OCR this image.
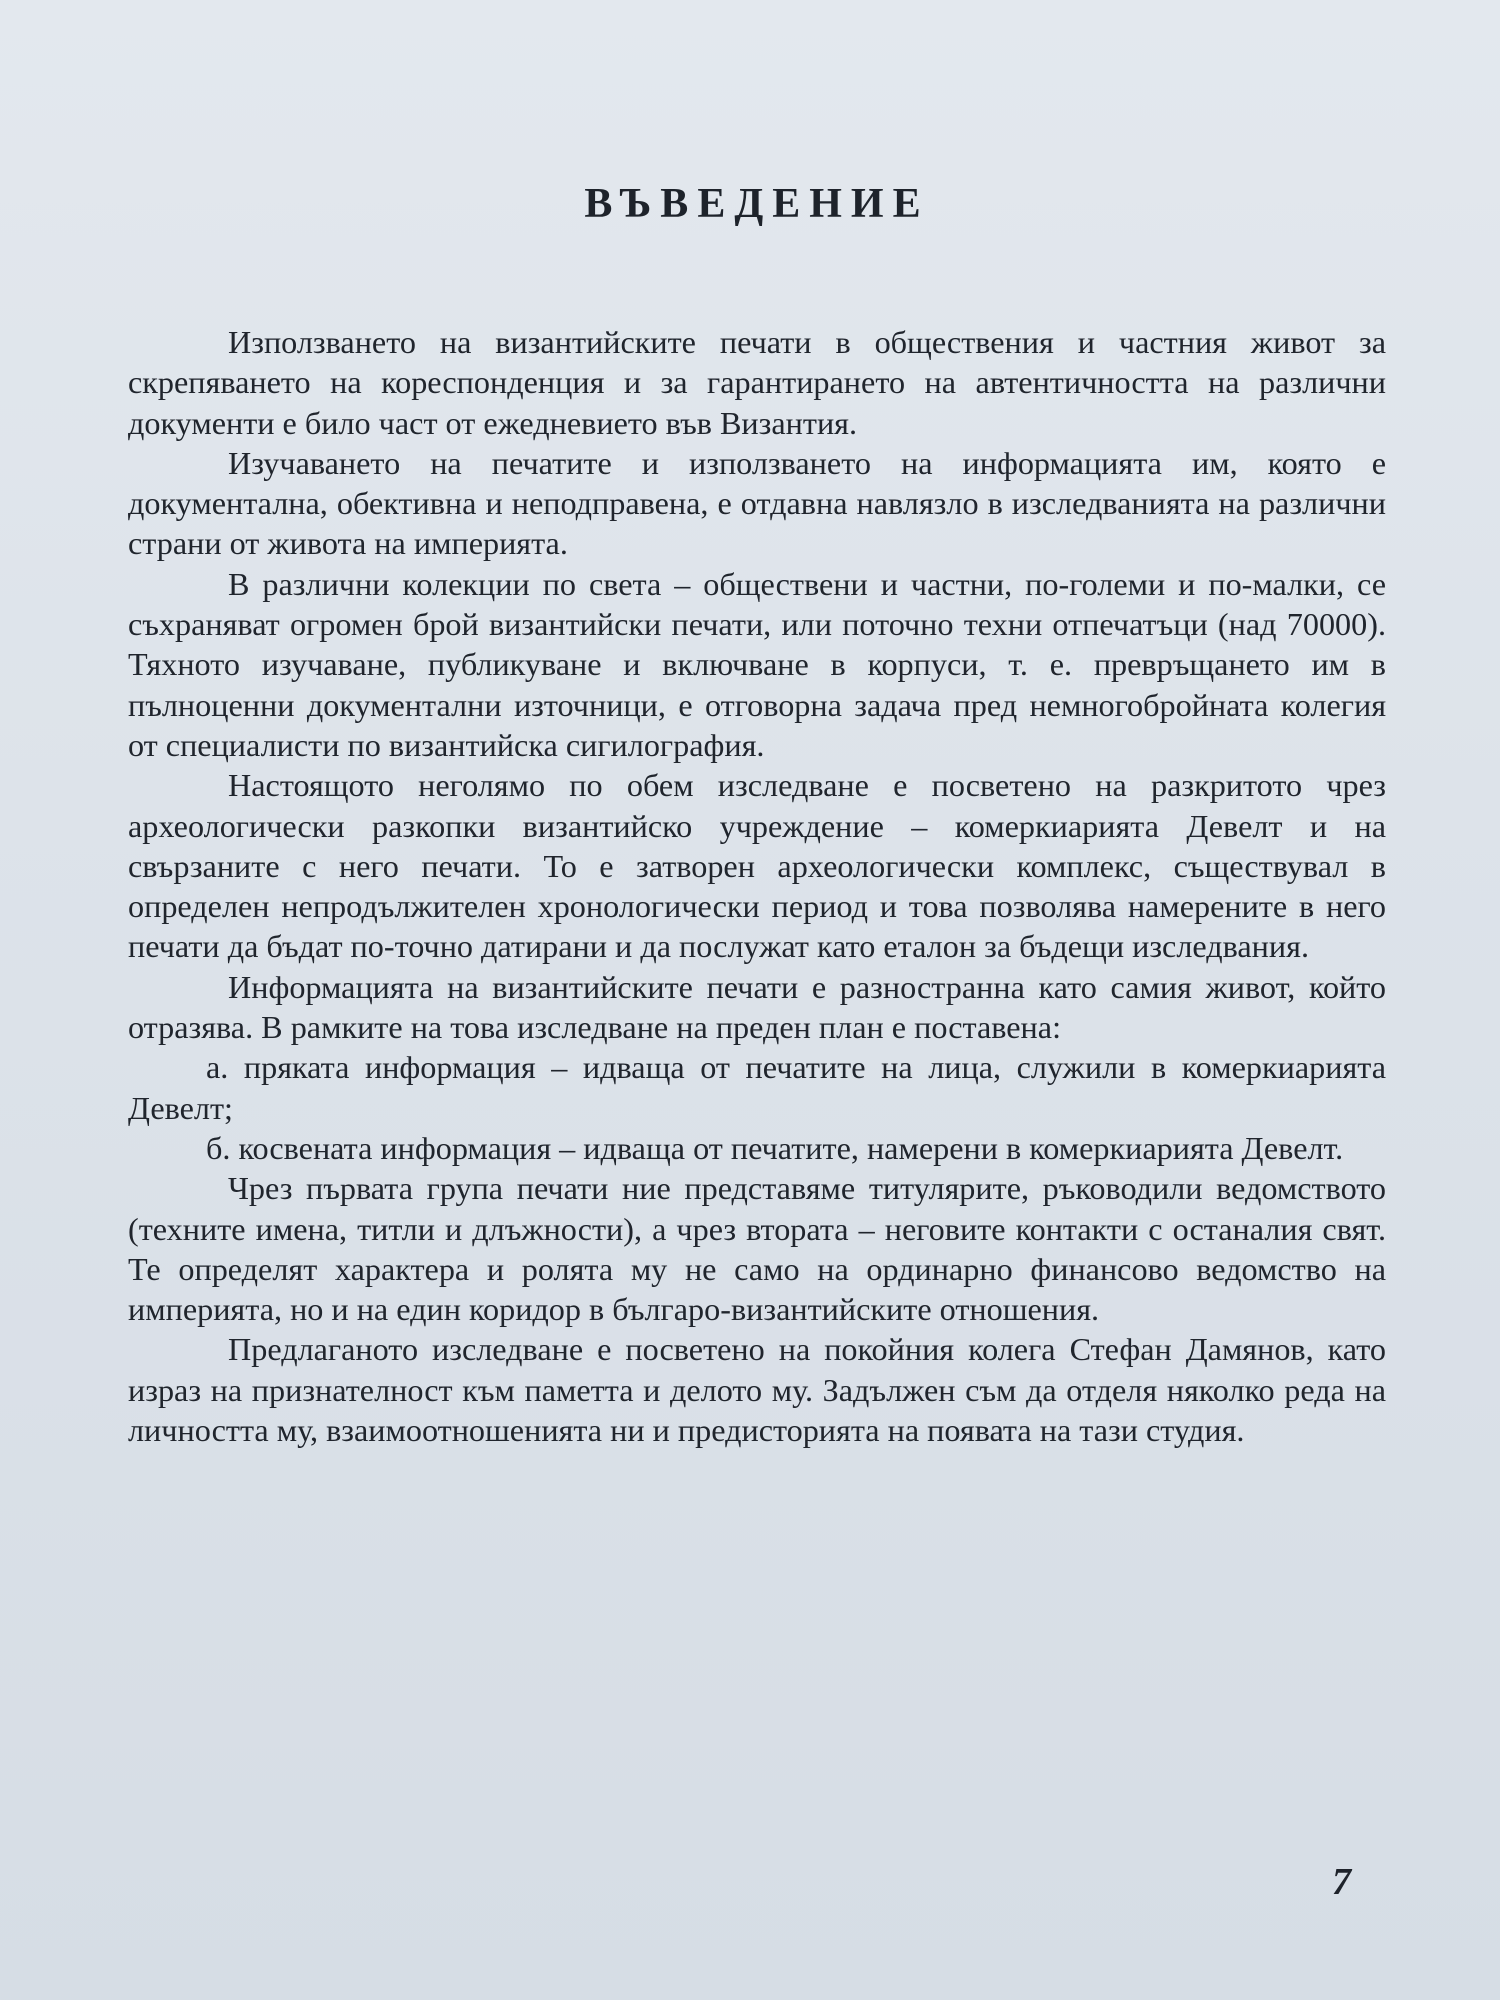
ВЪВЕДЕНИЕ

Използването на византийските печати в обществения и частния живот за скрепяването на кореспонденция и за гарантирането на автентичността на различни документи е било част от ежедневието във Византия.

Изучаването на печатите и използването на информацията им, която е документална, обективна и неподправена, е отдавна навлязло в изследванията на различни страни от живота на империята.

В различни колекции по света – обществени и частни, по-големи и по-малки, се съхраняват огромен брой византийски печати, или поточно техни отпечатъци (над 70000). Тяхното изучаване, публикуване и включване в корпуси, т. е. превръщането им в пълноценни документални източници, е отговорна задача пред немногобройната колегия от специалисти по византийска сигилография.

Настоящото неголямо по обем изследване е посветено на разкритото чрез археологически разкопки византийско учреждение – комеркиарията Девелт и на свързаните с него печати. То е затворен археологически комплекс, съществувал в определен непродължителен хронологически период и това позволява намерените в него печати да бъдат по-точно датирани и да послужат като еталон за бъдещи изследвания.

Информацията на византийските печати е разностранна като самия живот, който отразява. В рамките на това изследване на преден план е поставена:

а. пряката информация – идваща от печатите на лица, служили в комеркиарията Девелт;

б. косвената информация – идваща от печатите, намерени в комеркиарията Девелт.

Чрез първата група печати ние представяме титулярите, ръководили ведомството (техните имена, титли и длъжности), а чрез втората – неговите контакти с останалия свят. Те определят характера и ролята му не само на ординарно финансово ведомство на империята, но и на един коридор в българо-византийските отношения.

Предлаганото изследване е посветено на покойния колега Стефан Дамянов, като израз на признателност към паметта и делото му. Задължен съм да отделя няколко реда на личността му, взаимоотношенията ни и предисторията на появата на тази студия.

7
